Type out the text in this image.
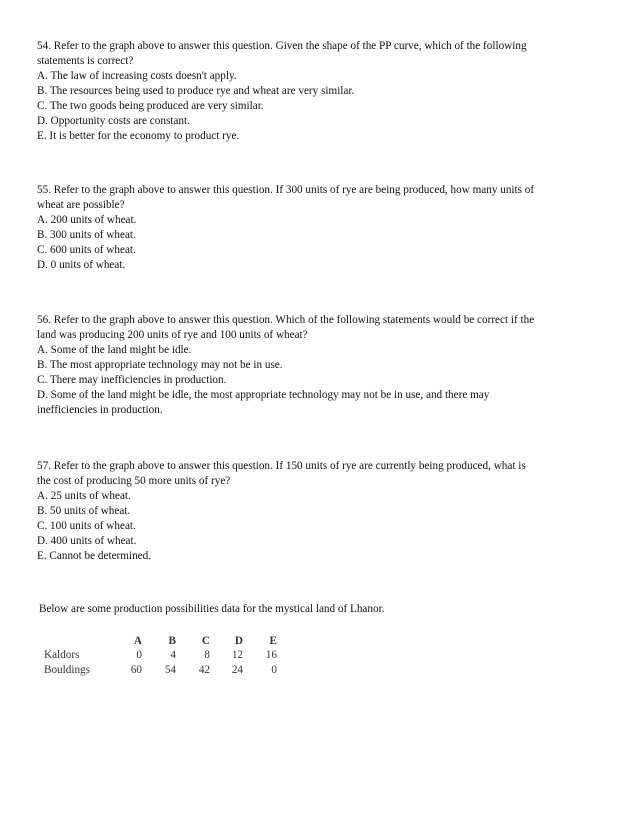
54. Refer to the graph above to answer this question. Given the shape of the PP curve, which of the following

statements is correct?

A. The law of increasing costs doesn't apply.

B. The resources being used to produce rye and wheat are very similar.

C. The two goods being produced are very similar.

D. Opportunity costs are constant.

E. It is better for the economy to product rye.

55. Refer to the graph above to answer this question. If 300 units of rye are being produced, how many units of

wheat are possible?

A. 200 units of wheat.

B. 300 units of wheat.

C. 600 units of wheat.

D. 0 units of wheat.

56. Refer to the graph above to answer this question. Which of the following statements would be correct if the

land was producing 200 units of rye and 100 units of wheat?

A. Some of the land might be idle.

B. The most appropriate technology may not be in use.

C. There may inefficiencies in production.

D. Some of the land might be idle, the most appropriate technology may not be in use, and there may

inefficiencies in production.

57. Refer to the graph above to answer this question. If 150 units of rye are currently being produced, what is

the cost of producing 50 more units of rye?

A. 25 units of wheat.

B. 50 units of wheat.

C. 100 units of wheat.

D. 400 units of wheat.

E. Cannot be determined.

Below are some production possibilities data for the mystical land of Lhanor.
	A	B	C	D	E
Kaldors	0	4	8	12	16
Bouldings	60	54	42	24	0
